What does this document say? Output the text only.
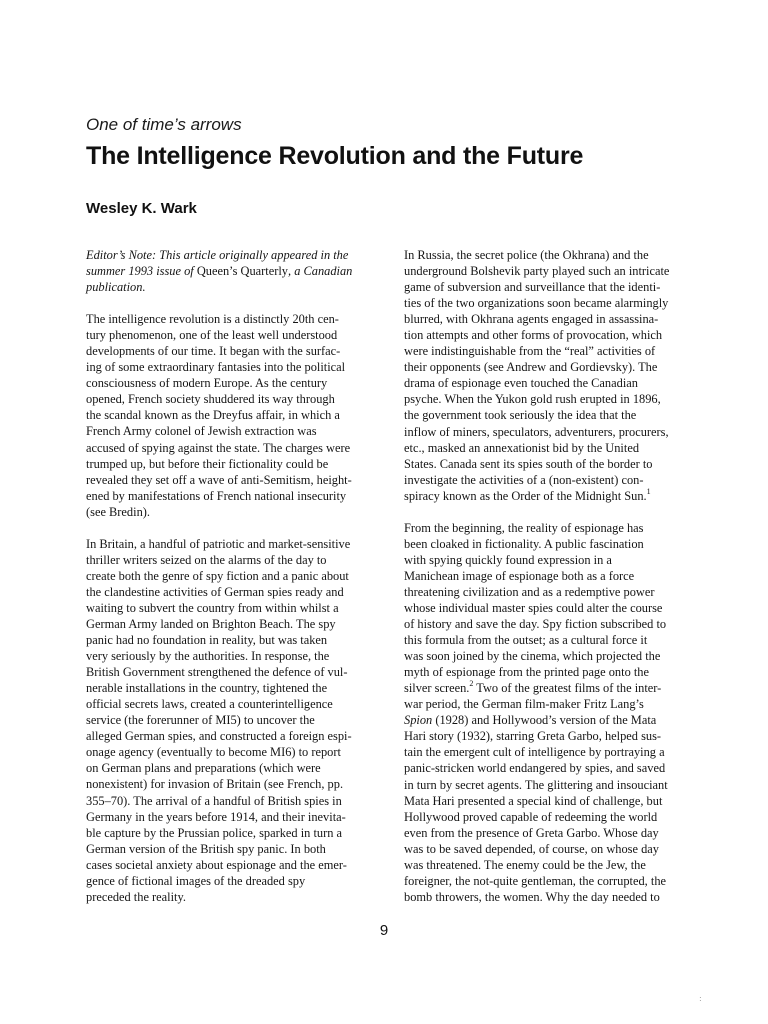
One of time’s arrows

The Intelligence Revolution and the Future

Wesley K. Wark

Editor’s Note: This article originally appeared in the
summer 1993 issue of Queen’s Quarterly, a Canadian
publication.

The intelligence revolution is a distinctly 20th cen-
tury phenomenon, one of the least well understood
developments of our time. It began with the surfac-
ing of some extraordinary fantasies into the political
consciousness of modern Europe. As the century
opened, French society shuddered its way through
the scandal known as the Dreyfus affair, in which a
French Army colonel of Jewish extraction was
accused of spying against the state. The charges were
trumped up, but before their fictionality could be
revealed they set off a wave of anti-Semitism, height-
ened by manifestations of French national insecurity
(see Bredin).

In Britain, a handful of patriotic and market-sensitive
thriller writers seized on the alarms of the day to
create both the genre of spy fiction and a panic about
the clandestine activities of German spies ready and
waiting to subvert the country from within whilst a
German Army landed on Brighton Beach. The spy
panic had no foundation in reality, but was taken
very seriously by the authorities. In response, the
British Government strengthened the defence of vul-
nerable installations in the country, tightened the
official secrets laws, created a counterintelligence
service (the forerunner of MI5) to uncover the
alleged German spies, and constructed a foreign espi-
onage agency (eventually to become MI6) to report
on German plans and preparations (which were
nonexistent) for invasion of Britain (see French, pp.
355–70). The arrival of a handful of British spies in
Germany in the years before 1914, and their inevita-
ble capture by the Prussian police, sparked in turn a
German version of the British spy panic. In both
cases societal anxiety about espionage and the emer-
gence of fictional images of the dreaded spy
preceded the reality.

In Russia, the secret police (the Okhrana) and the
underground Bolshevik party played such an intricate
game of subversion and surveillance that the identi-
ties of the two organizations soon became alarmingly
blurred, with Okhrana agents engaged in assassina-
tion attempts and other forms of provocation, which
were indistinguishable from the “real” activities of
their opponents (see Andrew and Gordievsky). The
drama of espionage even touched the Canadian
psyche. When the Yukon gold rush erupted in 1896,
the government took seriously the idea that the
inflow of miners, speculators, adventurers, procurers,
etc., masked an annexationist bid by the United
States. Canada sent its spies south of the border to
investigate the activities of a (non-existent) con-
spiracy known as the Order of the Midnight Sun.$^1$

From the beginning, the reality of espionage has
been cloaked in fictionality. A public fascination
with spying quickly found expression in a
Manichean image of espionage both as a force
threatening civilization and as a redemptive power
whose individual master spies could alter the course
of history and save the day. Spy fiction subscribed to
this formula from the outset; as a cultural force it
was soon joined by the cinema, which projected the
myth of espionage from the printed page onto the
silver screen.$^2$ Two of the greatest films of the inter-
war period, the German film-maker Fritz Lang’s
Spion (1928) and Hollywood’s version of the Mata
Hari story (1932), starring Greta Garbo, helped sus-
tain the emergent cult of intelligence by portraying a
panic-stricken world endangered by spies, and saved
in turn by secret agents. The glittering and insouciant
Mata Hari presented a special kind of challenge, but
Hollywood proved capable of redeeming the world
even from the presence of Greta Garbo. Whose day
was to be saved depended, of course, on whose day
was threatened. The enemy could be the Jew, the
foreigner, the not-quite gentleman, the corrupted, the
bomb throwers, the women. Why the day needed to

9
:
